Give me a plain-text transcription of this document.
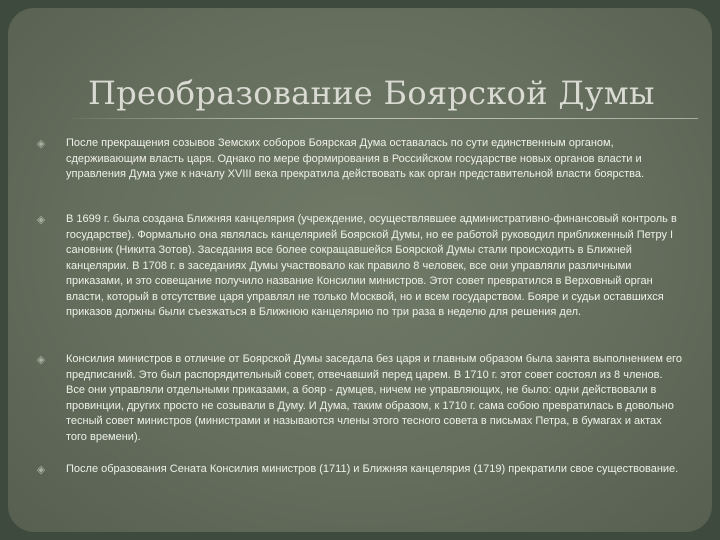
Преобразование Боярской Думы
◈ После прекращения созывов Земских соборов Боярская Дума оставалась по сути единственным органом, сдерживающим власть царя. Однако по мере формирования в Российском государстве новых органов власти и управления Дума уже к началу XVIII века прекратила действовать как орган представительной власти боярства.

◈ В 1699 г. была создана Ближняя канцелярия (учреждение, осуществлявшее административно-финансовый контроль в государстве). Формально она являлась канцелярией Боярской Думы, но ее работой руководил приближенный Петру I сановник (Никита Зотов). Заседания все более сокращавшейся Боярской Думы стали происходить в Ближней канцелярии. В 1708 г. в заседаниях Думы участвовало как правило 8 человек, все они управляли различными приказами, и это совещание получило название Консилии министров. Этот совет превратился в Верховный орган власти, который в отсутствие царя управлял не только Москвой, но и всем государством. Бояре и судьи оставшихся приказов должны были съезжаться в Ближнюю канцелярию по три раза в неделю для решения дел.

◈ Консилия министров в отличие от Боярской Думы заседала без царя и главным образом была занята выполнением его предписаний. Это был распорядительный совет, отвечавший перед царем. В 1710 г. этот совет состоял из 8 членов. Все они управляли отдельными приказами, а бояр - думцев, ничем не управляющих, не было: одни действовали в провинции, других просто не созывали в Думу. И Дума, таким образом, к 1710 г. сама собою превратилась в довольно тесный совет министров (министрами и называются члены этого тесного совета в письмах Петра, в бумагах и актах того времени).

◈ После образования Сената Консилия министров (1711) и Ближняя канцелярия (1719) прекратили свое существование.
